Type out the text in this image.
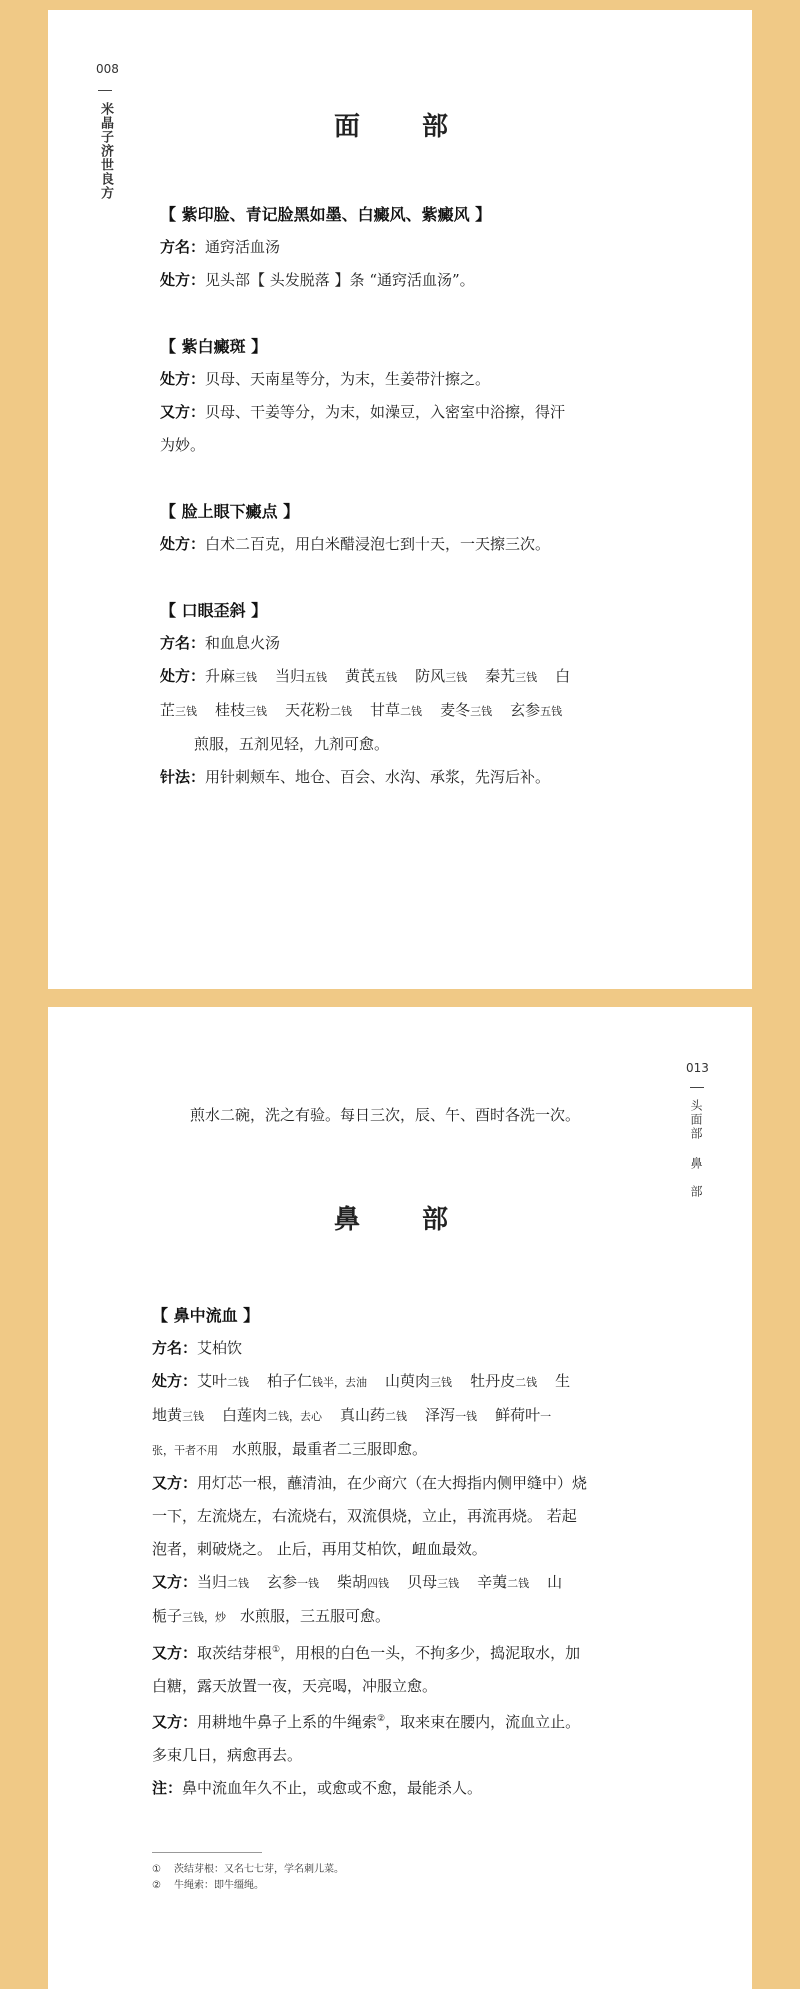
008
米晶子济世良方	面　部
【 紫印脸、青记脸黑如墨、白癜风、紫癜风 】
方名：通窍活血汤
处方：见头部【 头发脱落 】条 “通窍活血汤”。
【 紫白癜斑 】
处方：贝母、天南星等分，为末，生姜带汁擦之。
又方：贝母、干姜等分，为末，如澡豆，入密室中浴擦，得汗
为妙。
【 脸上眼下癜点 】
处方：白术二百克，用白米醋浸泡七到十天，一天擦三次。
【 口眼歪斜 】
方名：和血息火汤
处方：升麻三钱 当归五钱 黄芪五钱 防风三钱 秦艽三钱 白
芷三钱 桂枝三钱 天花粉二钱 甘草二钱 麦冬三钱 玄参五钱
煎服，五剂见轻，九剂可愈。
针法：用针刺颊车、地仓、百会、水沟、承浆，先泻后补。
013
头面部
鼻　部
煎水二碗，洗之有验。每日三次，辰、午、酉时各洗一次。
鼻　部
【 鼻中流血 】
方名：艾柏饮
处方：艾叶二钱 柏子仁钱半，去油 山萸肉三钱 牡丹皮二钱 生
地黄三钱 白莲肉二钱，去心 真山药二钱 泽泻一钱 鲜荷叶一
张，干者不用 水煎服，最重者二三服即愈。
又方：用灯芯一根，蘸清油，在少商穴（在大拇指内侧甲缝中）烧
一下，左流烧左，右流烧右，双流俱烧，立止，再流再烧。 若起
泡者，刺破烧之。 止后，再用艾柏饮，衄血最效。
又方：当归二钱 玄参一钱 柴胡四钱 贝母三钱 辛荑二钱 山
栀子三钱，炒 水煎服，三五服可愈。
又方：取茨结芽根①，用根的白色一头，不拘多少，捣泥取水，加
白糖，露天放置一夜，天亮喝，冲服立愈。
又方：用耕地牛鼻子上系的牛绳索②，取来束在腰内，流血立止。
多束几日，病愈再去。
注：鼻中流血年久不止，或愈或不愈，最能杀人。
① 茨结芽根：又名七七芽，学名刺儿菜。
② 牛绳索：即牛缰绳。
